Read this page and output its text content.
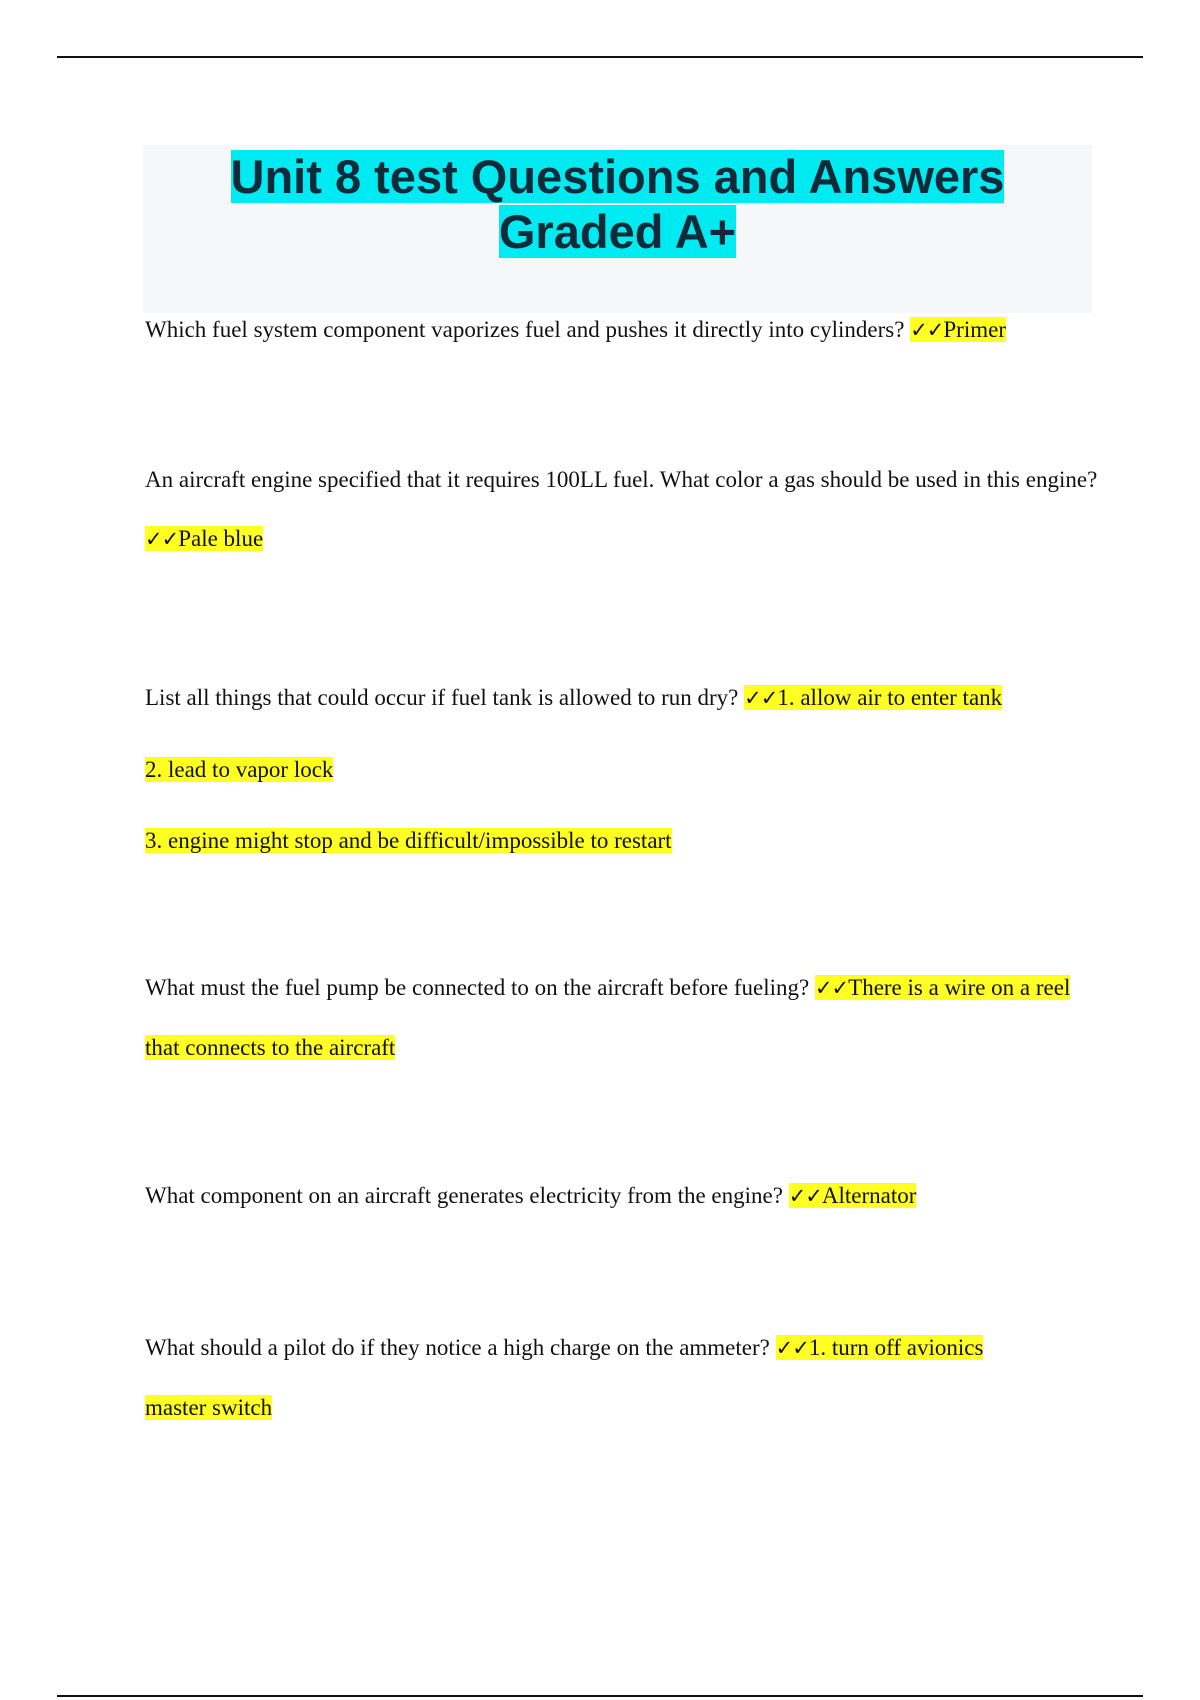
Unit 8 test Questions and Answers Graded A+
Which fuel system component vaporizes fuel and pushes it directly into cylinders? ✓✓Primer
An aircraft engine specified that it requires 100LL fuel. What color a gas should be used in this engine? ✓✓Pale blue
List all things that could occur if fuel tank is allowed to run dry? ✓✓1. allow air to enter tank
2. lead to vapor lock
3. engine might stop and be difficult/impossible to restart
What must the fuel pump be connected to on the aircraft before fueling? ✓✓There is a wire on a reel that connects to the aircraft
What component on an aircraft generates electricity from the engine? ✓✓Alternator
What should a pilot do if they notice a high charge on the ammeter? ✓✓1. turn off avionics master switch
